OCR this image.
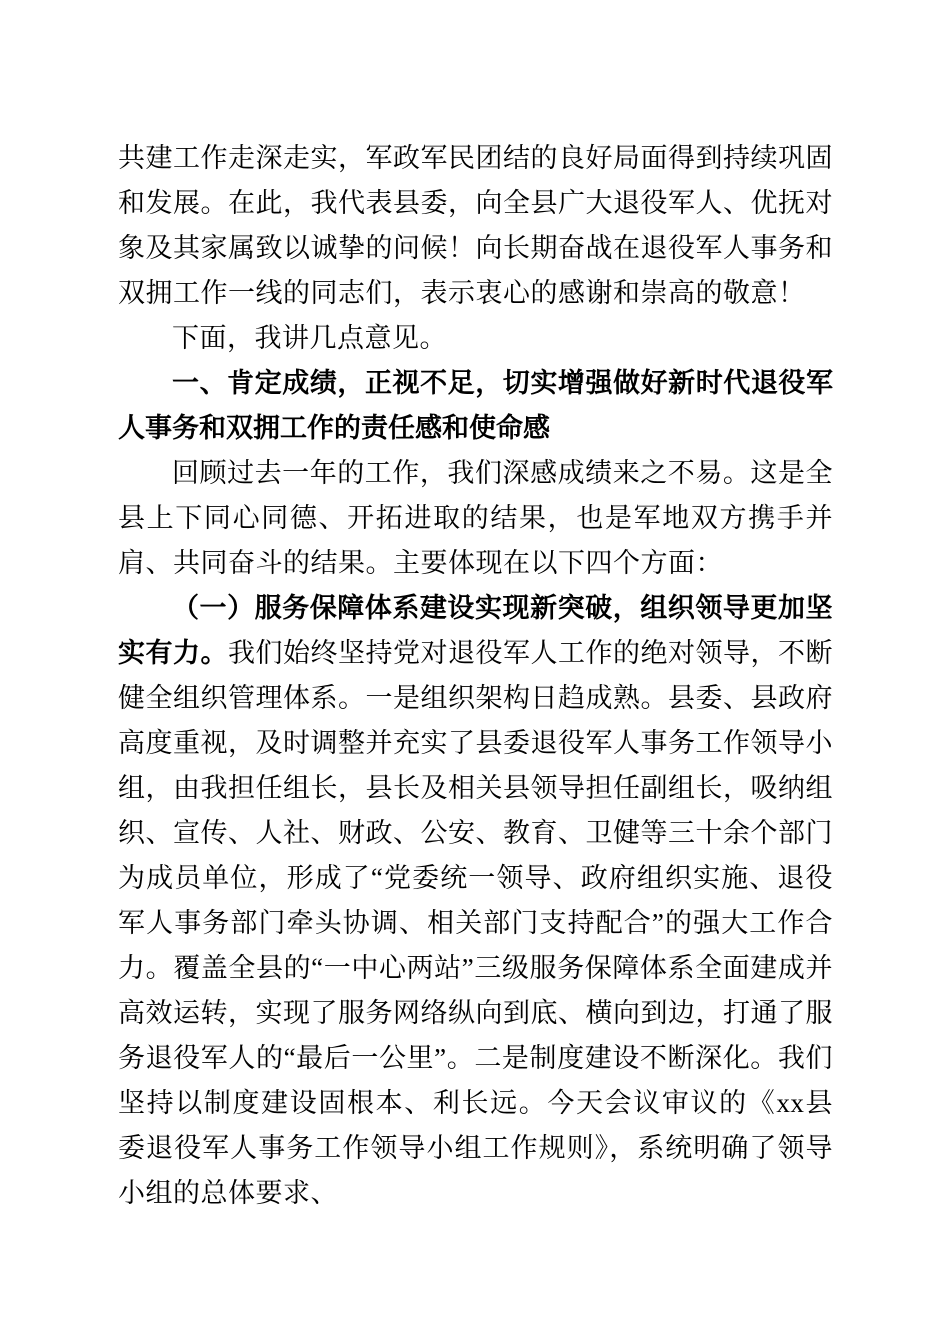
共建工作走深走实，军政军民团结的良好局面得到持续巩固和发展。在此，我代表县委，向全县广大退役军人、优抚对象及其家属致以诚挚的问候！向长期奋战在退役军人事务和双拥工作一线的同志们，表示衷心的感谢和崇高的敬意！

下面，我讲几点意见。

一、肯定成绩，正视不足，切实增强做好新时代退役军人事务和双拥工作的责任感和使命感

回顾过去一年的工作，我们深感成绩来之不易。这是全县上下同心同德、开拓进取的结果，也是军地双方携手并肩、共同奋斗的结果。主要体现在以下四个方面：

（一）服务保障体系建设实现新突破，组织领导更加坚实有力。我们始终坚持党对退役军人工作的绝对领导，不断健全组织管理体系。一是组织架构日趋成熟。县委、县政府高度重视，及时调整并充实了县委退役军人事务工作领导小组，由我担任组长，县长及相关县领导担任副组长，吸纳组织、宣传、人社、财政、公安、教育、卫健等三十余个部门为成员单位，形成了“党委统一领导、政府组织实施、退役军人事务部门牵头协调、相关部门支持配合”的强大工作合力。覆盖全县的“一中心两站”三级服务保障体系全面建成并高效运转，实现了服务网络纵向到底、横向到边，打通了服务退役军人的“最后一公里”。二是制度建设不断深化。我们坚持以制度建设固根本、利长远。今天会议审议的《xx县委退役军人事务工作领导小组工作规则》，系统明确了领导小组的总体要求、
